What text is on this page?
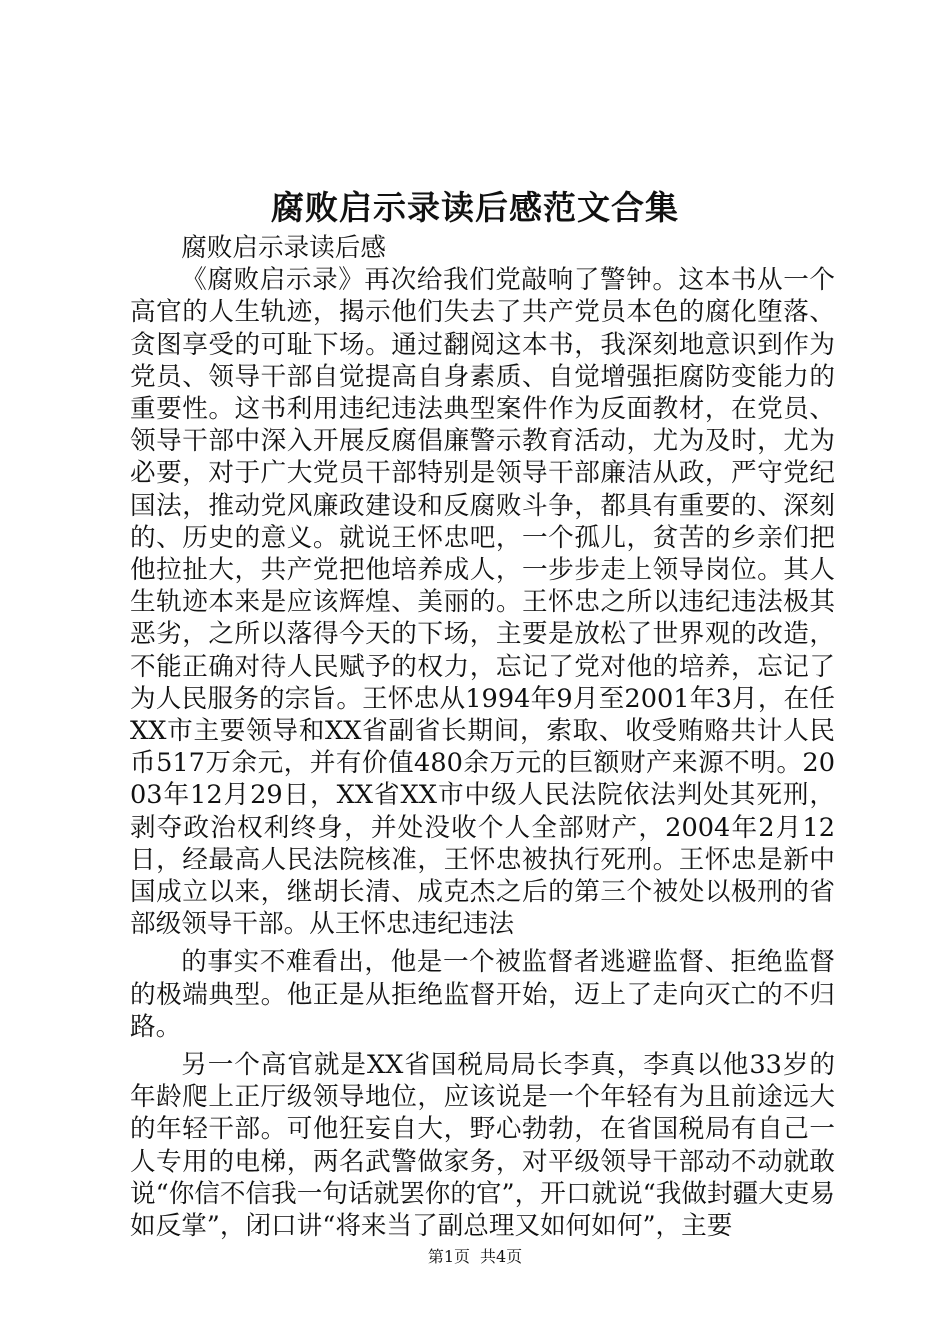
腐败启示录读后感范文合集

腐败启示录读后感

《腐败启示录》再次给我们党敲响了警钟。这本书从一个高官的人生轨迹，揭示他们失去了共产党员本色的腐化堕落、贪图享受的可耻下场。通过翻阅这本书，我深刻地意识到作为党员、领导干部自觉提高自身素质、自觉增强拒腐防变能力的重要性。这书利用违纪违法典型案件作为反面教材，在党员、领导干部中深入开展反腐倡廉警示教育活动，尤为及时，尤为必要，对于广大党员干部特别是领导干部廉洁从政，严守党纪国法，推动党风廉政建设和反腐败斗争，都具有重要的、深刻的、历史的意义。就说王怀忠吧，一个孤儿，贫苦的乡亲们把他拉扯大，共产党把他培养成人，一步步走上领导岗位。其人生轨迹本来是应该辉煌、美丽的。王怀忠之所以违纪违法极其恶劣，之所以落得今天的下场，主要是放松了世界观的改造，不能正确对待人民赋予的权力，忘记了党对他的培养，忘记了为人民服务的宗旨。王怀忠从1994年9月至2001年3月，在任XX市主要领导和XX省副省长期间，索取、收受贿赂共计人民币517万余元，并有价值480余万元的巨额财产来源不明。2003年12月29日，XX省XX市中级人民法院依法判处其死刑，剥夺政治权利终身，并处没收个人全部财产，2004年2月12日，经最高人民法院核准，王怀忠被执行死刑。王怀忠是新中国成立以来，继胡长清、成克杰之后的第三个被处以极刑的省部级领导干部。从王怀忠违纪违法

的事实不难看出，他是一个被监督者逃避监督、拒绝监督的极端典型。他正是从拒绝监督开始，迈上了走向灭亡的不归路。

另一个高官就是XX省国税局局长李真，李真以他33岁的年龄爬上正厅级领导地位，应该说是一个年轻有为且前途远大的年轻干部。可他狂妄自大，野心勃勃，在省国税局有自己一人专用的电梯，两名武警做家务，对平级领导干部动不动就敢说“你信不信我一句话就罢你的官”，开口就说“我做封疆大吏易如反掌”，闭口讲“将来当了副总理又如何如何”，主要

第1页 共4页
